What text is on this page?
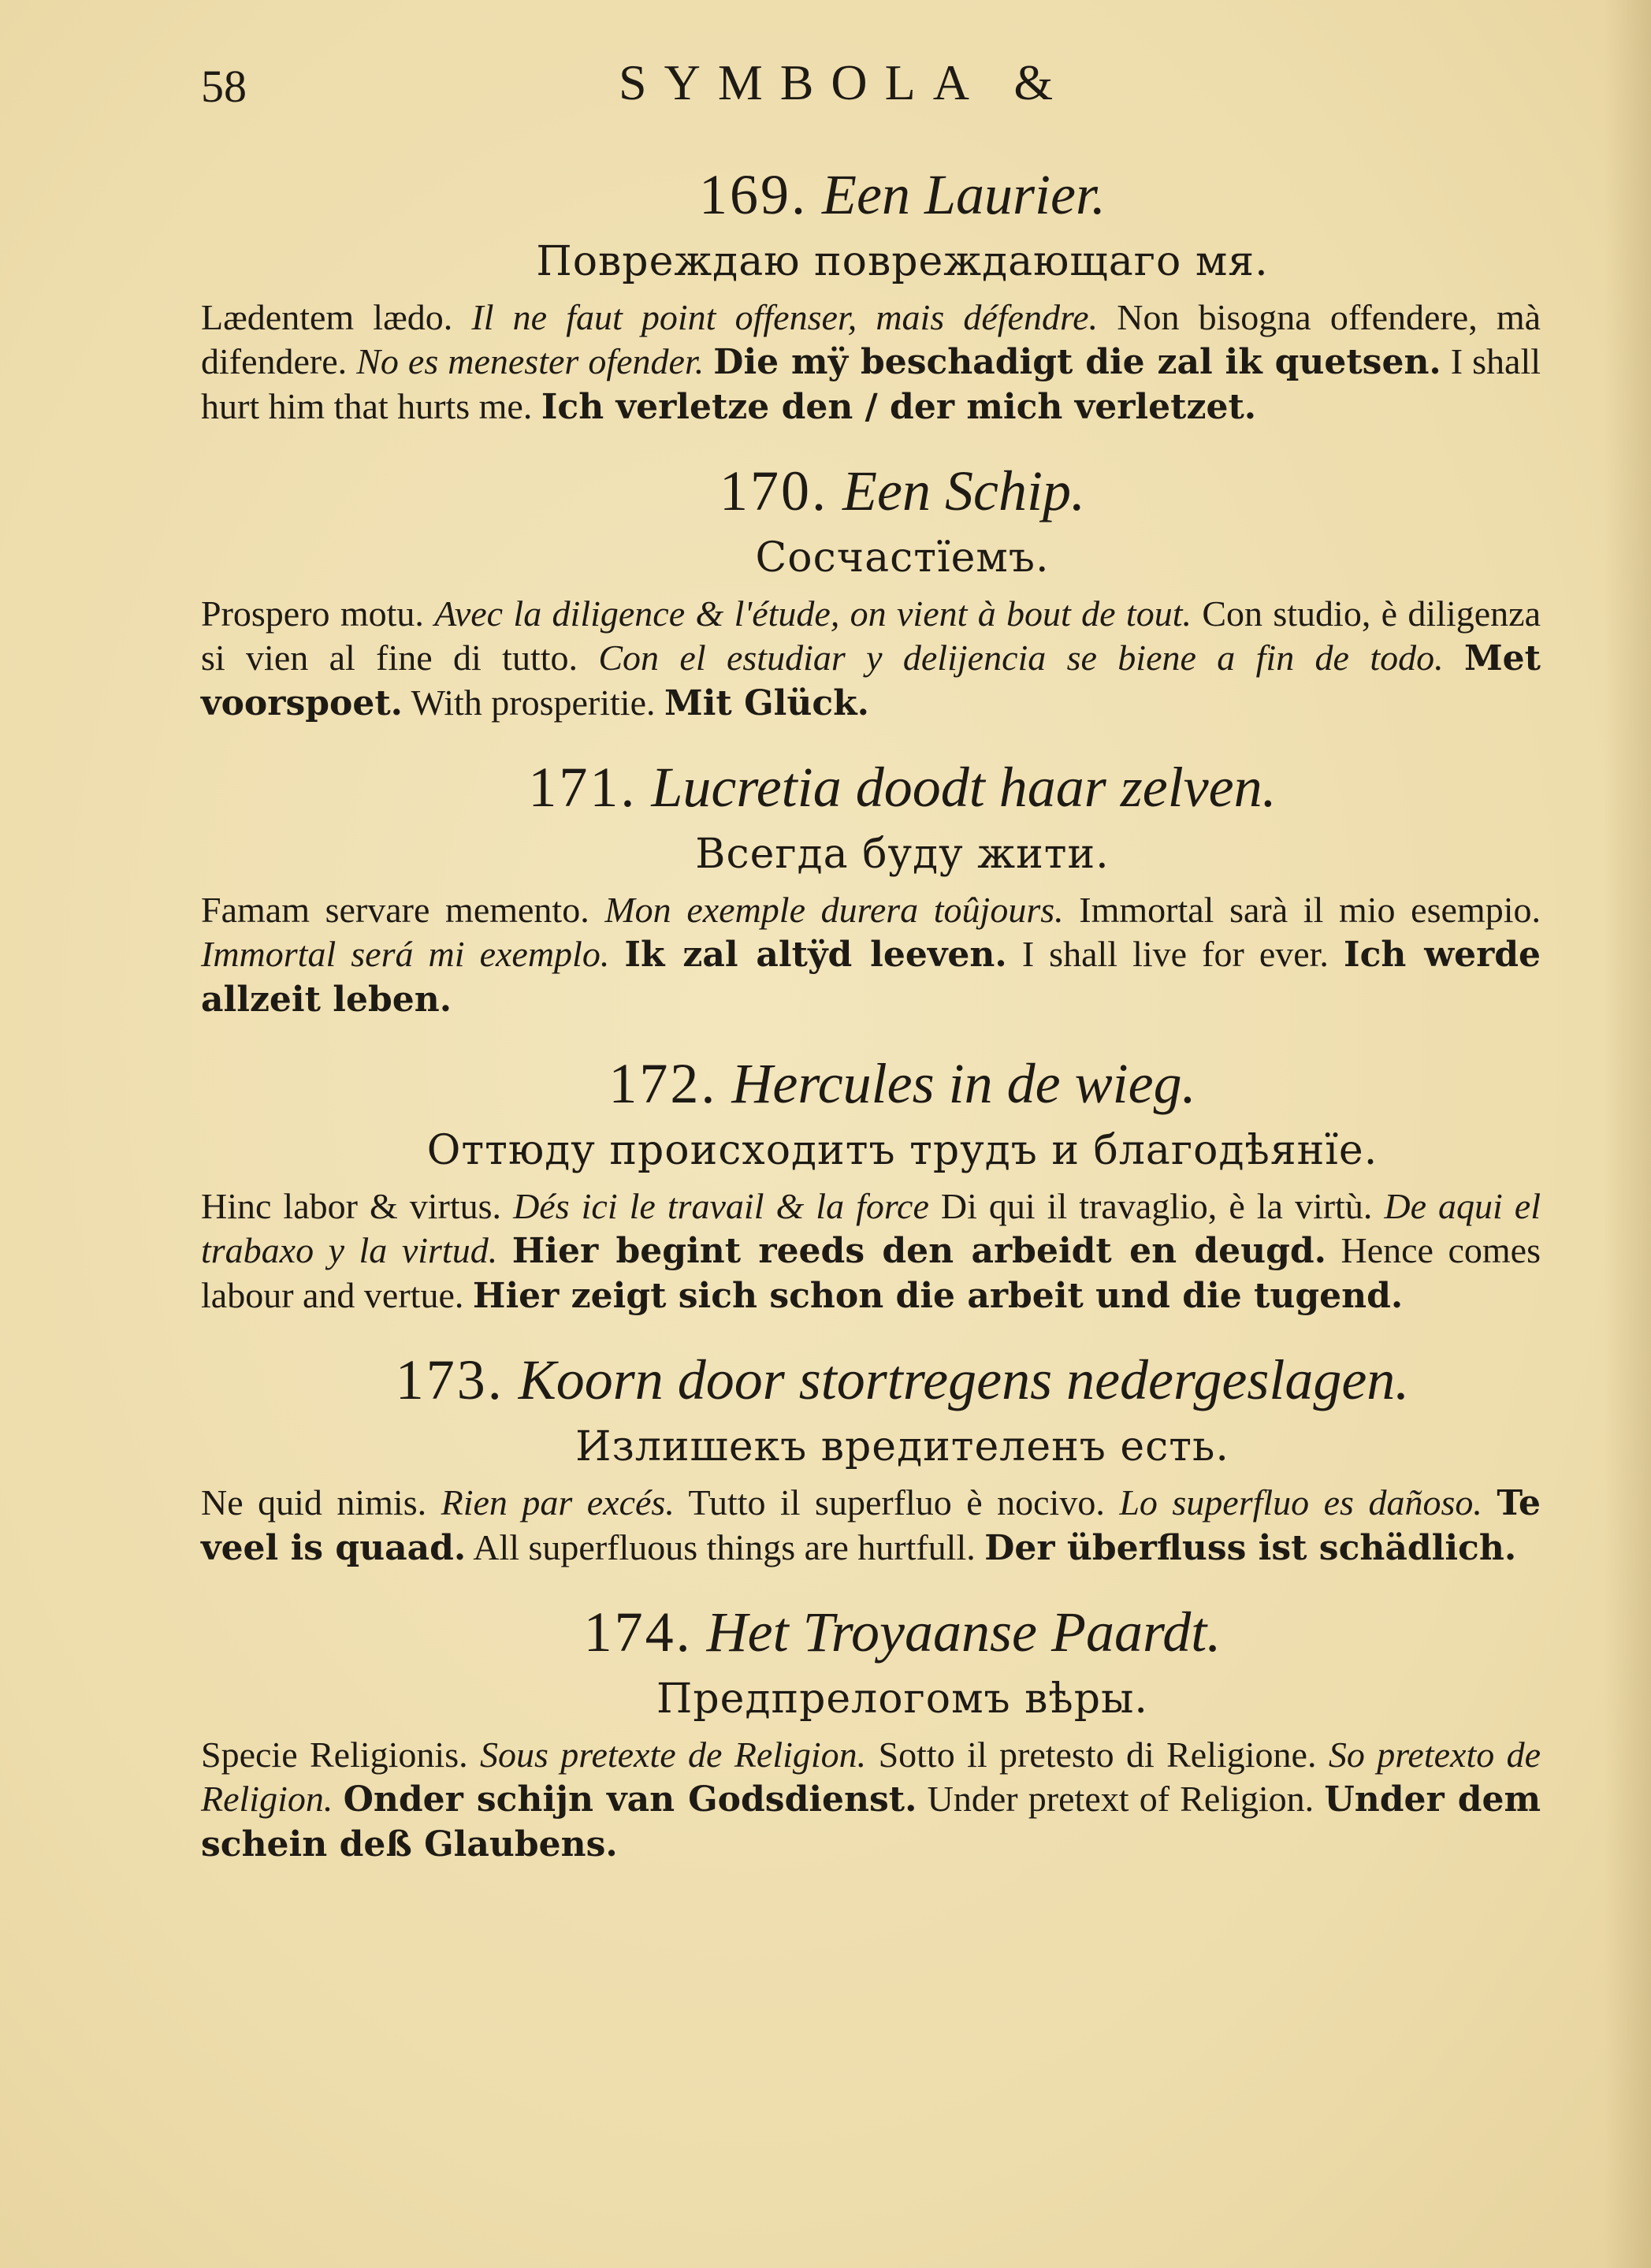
58	SYMBOLA &
169. Een Laurier.
Повреждаю повреждающаго мя.
Lædentem lædo. Il ne faut point offenser, mais défendre. Non bisogna offendere, mà difendere. No es menester ofender. Die mÿ beschadigt die zal ik quetsen. I shall hurt him that hurts me. Ich verletze den / der mich verletzet.
170. Een Schip.
Сосчастїемъ.
Prospero motu. Avec la diligence & l'étude, on vient à bout de tout. Con studio, è diligenza si vien al fine di tutto. Con el estudiar y delijencia se biene a fin de todo. Met voorspoet. With prosperitie. Mit Glück.
171. Lucretia doodt haar zelven.
Всегда буду жити.
Famam servare memento. Mon exemple durera toûjours. Immortal sarà il mio esempio. Immortal será mi exemplo. Ik zal altÿd leeven. I shall live for ever. Ich werde allzeit leben.
172. Hercules in de wieg.
Оттюду происходитъ трудъ и благодѣянїе.
Hinc labor & virtus. Dés ici le travail & la force Di qui il travaglio, è la virtù. De aqui el trabaxo y la virtud. Hier begint reeds den arbeidt en deugd. Hence comes labour and vertue. Hier zeigt sich schon die arbeit und die tugend.
173. Koorn door stortregens nedergeslagen.
Излишекъ вредителенъ есть.
Ne quid nimis. Rien par excés. Tutto il superfluo è nocivo. Lo superfluo es dañoso. Te veel is quaad. All superfluous things are hurtfull. Der überfluss ist schädlich.
174. Het Troyaanse Paardt.
Предпрелогомъ вѣры.
Specie Religionis. Sous pretexte de Religion. Sotto il pretesto di Religione. So pretexto de Religion. Onder schijn van Godsdienst. Under pretext of Religion. Under dem schein deß Glaubens.
